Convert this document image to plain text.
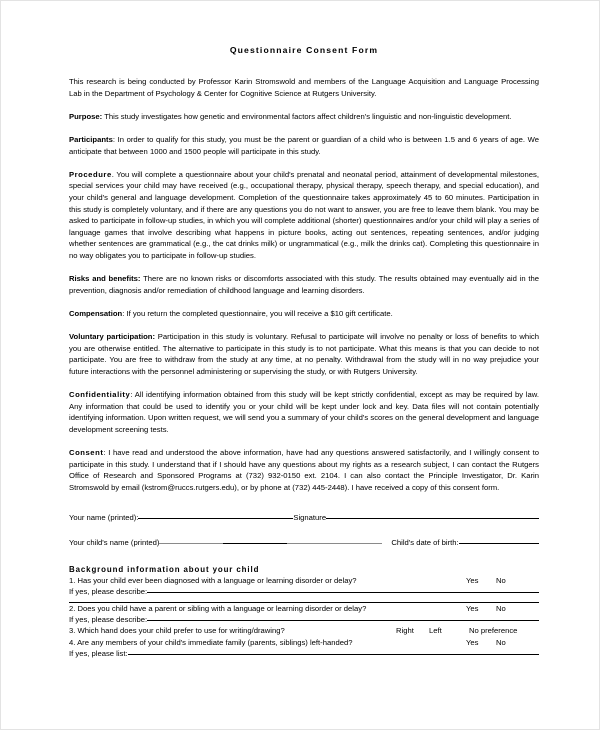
Questionnaire Consent Form

This research is being conducted by Professor Karin Stromswold and members of the Language Acquisition and Language Processing Lab in the Department of Psychology & Center for Cognitive Science at Rutgers University.

Purpose: This study investigates how genetic and environmental factors affect children's linguistic and non-linguistic development.

Participants: In order to qualify for this study, you must be the parent or guardian of a child who is between 1.5 and 6 years of age. We anticipate that between 1000 and 1500 people will participate in this study.

Procedure. You will complete a questionnaire about your child's prenatal and neonatal period, attainment of developmental milestones, special services your child may have received (e.g., occupational therapy, physical therapy, speech therapy, and special education), and your child's general and language development. Completion of the questionnaire takes approximately 45 to 60 minutes. Participation in this study is completely voluntary, and if there are any questions you do not want to answer, you are free to leave them blank. You may be asked to participate in follow-up studies, in which you will complete additional (shorter) questionnaires and/or your child will play a series of language games that involve describing what happens in picture books, acting out sentences, repeating sentences, and/or judging whether sentences are grammatical (e.g., the cat drinks milk) or ungrammatical (e.g., milk the drinks cat). Completing this questionnaire in no way obligates you to participate in follow-up studies.

Risks and benefits: There are no known risks or discomforts associated with this study. The results obtained may eventually aid in the prevention, diagnosis and/or remediation of childhood language and learning disorders.

Compensation: If you return the completed questionnaire, you will receive a $10 gift certificate.

Voluntary participation: Participation in this study is voluntary. Refusal to participate will involve no penalty or loss of benefits to which you are otherwise entitled. The alternative to participate in this study is to not participate. What this means is that you can decide to not participate. You are free to withdraw from the study at any time, at no penalty. Withdrawal from the study will in no way prejudice your future interactions with the personnel administering or supervising the study, or with Rutgers University.

Confidentiality: All identifying information obtained from this study will be kept strictly confidential, except as may be required by law. Any information that could be used to identify you or your child will be kept under lock and key. Data files will not contain potentially identifying information. Upon written request, we will send you a summary of your child's scores on the general development and language development screening tests.

Consent: I have read and understood the above information, have had any questions answered satisfactorily, and I willingly consent to participate in this study. I understand that if I should have any questions about my rights as a research subject, I can contact the Rutgers Office of Research and Sponsored Programs at (732) 932-0150 ext. 2104. I can also contact the Principle Investigator, Dr. Karin Stromswold by email (kstrom@ruccs.rutgers.edu), or by phone at (732) 445-2448). I have received a copy of this consent form.

Your name (printed):	Signature
Your child's name (printed)	Child's date of birth:
Background information about your child
1. Has your child ever been diagnosed with a language or learning disorder or delay?	Yes	No
If yes, please describe:
2. Does you child have a parent or sibling with a language or learning disorder or delay?	Yes	No
If yes, please describe:
3. Which hand does your child prefer to use for writing/drawing?	Right	Left	No preference
4. Are any members of your child's immediate family (parents, siblings) left-handed?	Yes	No
If yes, please list:
